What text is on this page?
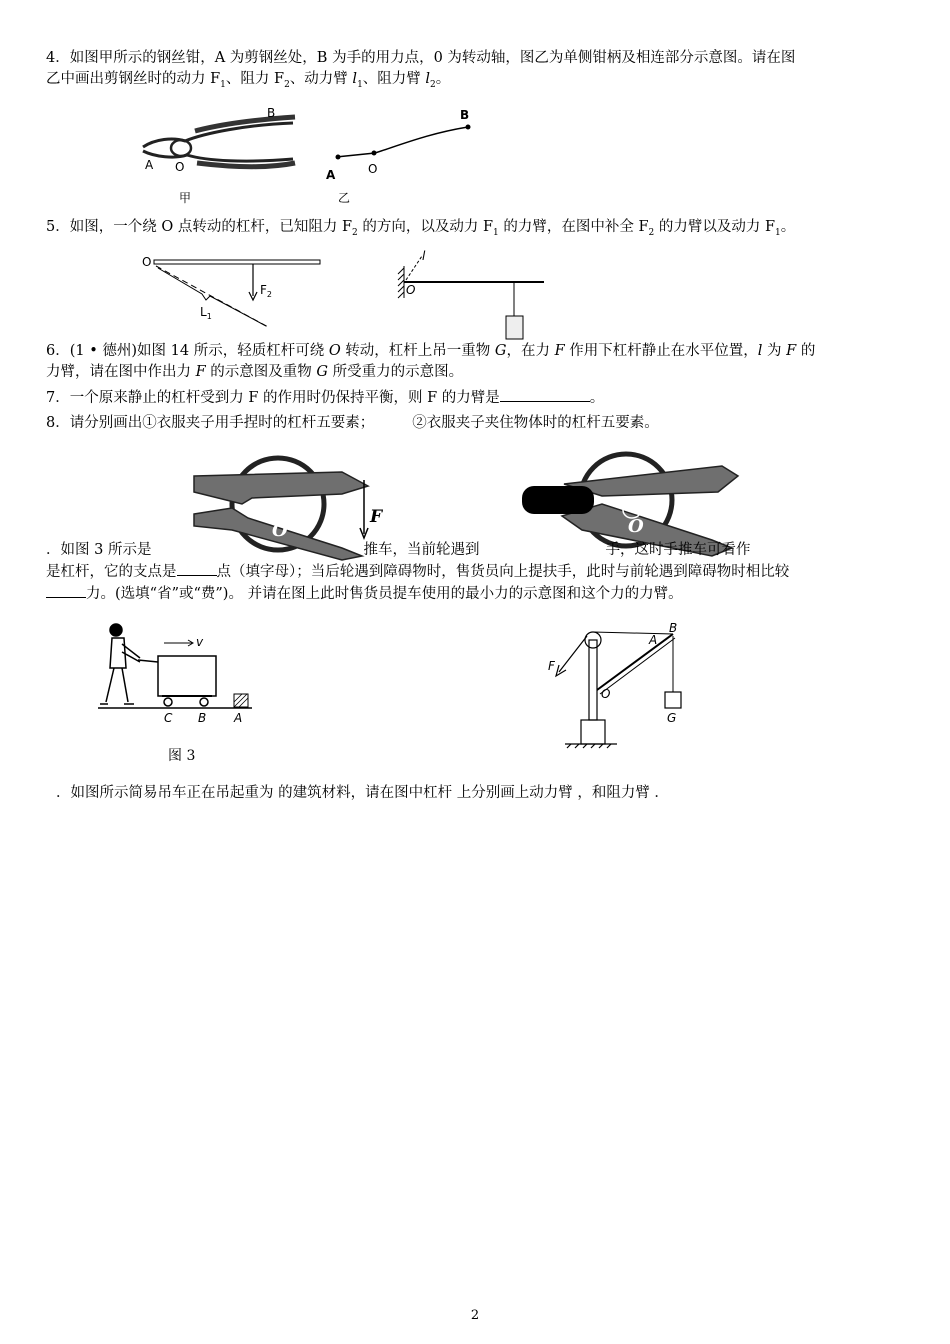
4．如图甲所示的钢丝钳，A 为剪钢丝处，B 为手的用力点，0 为转动轴，图乙为单侧钳柄及相连部分示意图。请在图
乙中画出剪钢丝时的动力 $F_1$、阻力 $F_2$、动力臂 $l_1$、阻力臂 $l_2$。
A O
B
甲
A	O
B
乙
5．如图，一个绕 O 点转动的杠杆，已知阻力 $F_2$ 的方向，以及动力 $F_1$ 的力臂，在图中补全 $F_2$ 的力臂以及动力 $F_1$。
O
$F_2$
$L_1$
l
O
6．(1 • 德州)如图 14 所示，轻质杠杆可绕 O 转动，杠杆上吊一重物 G，在力 F 作用下杠杆静止在水平位置，l 为 F 的
力臂，请在图中作出力 F 的示意图及重物 G 所受重力的示意图。
7．一个原来静止的杠杆受到力 F 的作用时仍保持平衡，则 F 的力臂是	。
8．请分别画出①衣服夹子用手捏时的杠杆五要素；	②衣服夹子夹住物体时的杠杆五要素。
O
F	O
．如图 3 所示是	推车，当前轮遇到	手，这时手推车可看作
是杠杆，它的支点是	点（填字母）；当后轮遇到障碍物时，售货员向上提扶手，此时与前轮遇到障碍物时相比较
力。(选填“省”或“费”)。 并请在图上此时售货员提车使用的最小力的示意图和这个力的力臂。
v
C B A
图 3
F
A
B
O
G
．如图所示简易吊车正在吊起重为 的建筑材料，请在图中杠杆 上分别画上动力臂 ，和阻力臂 ．
2
